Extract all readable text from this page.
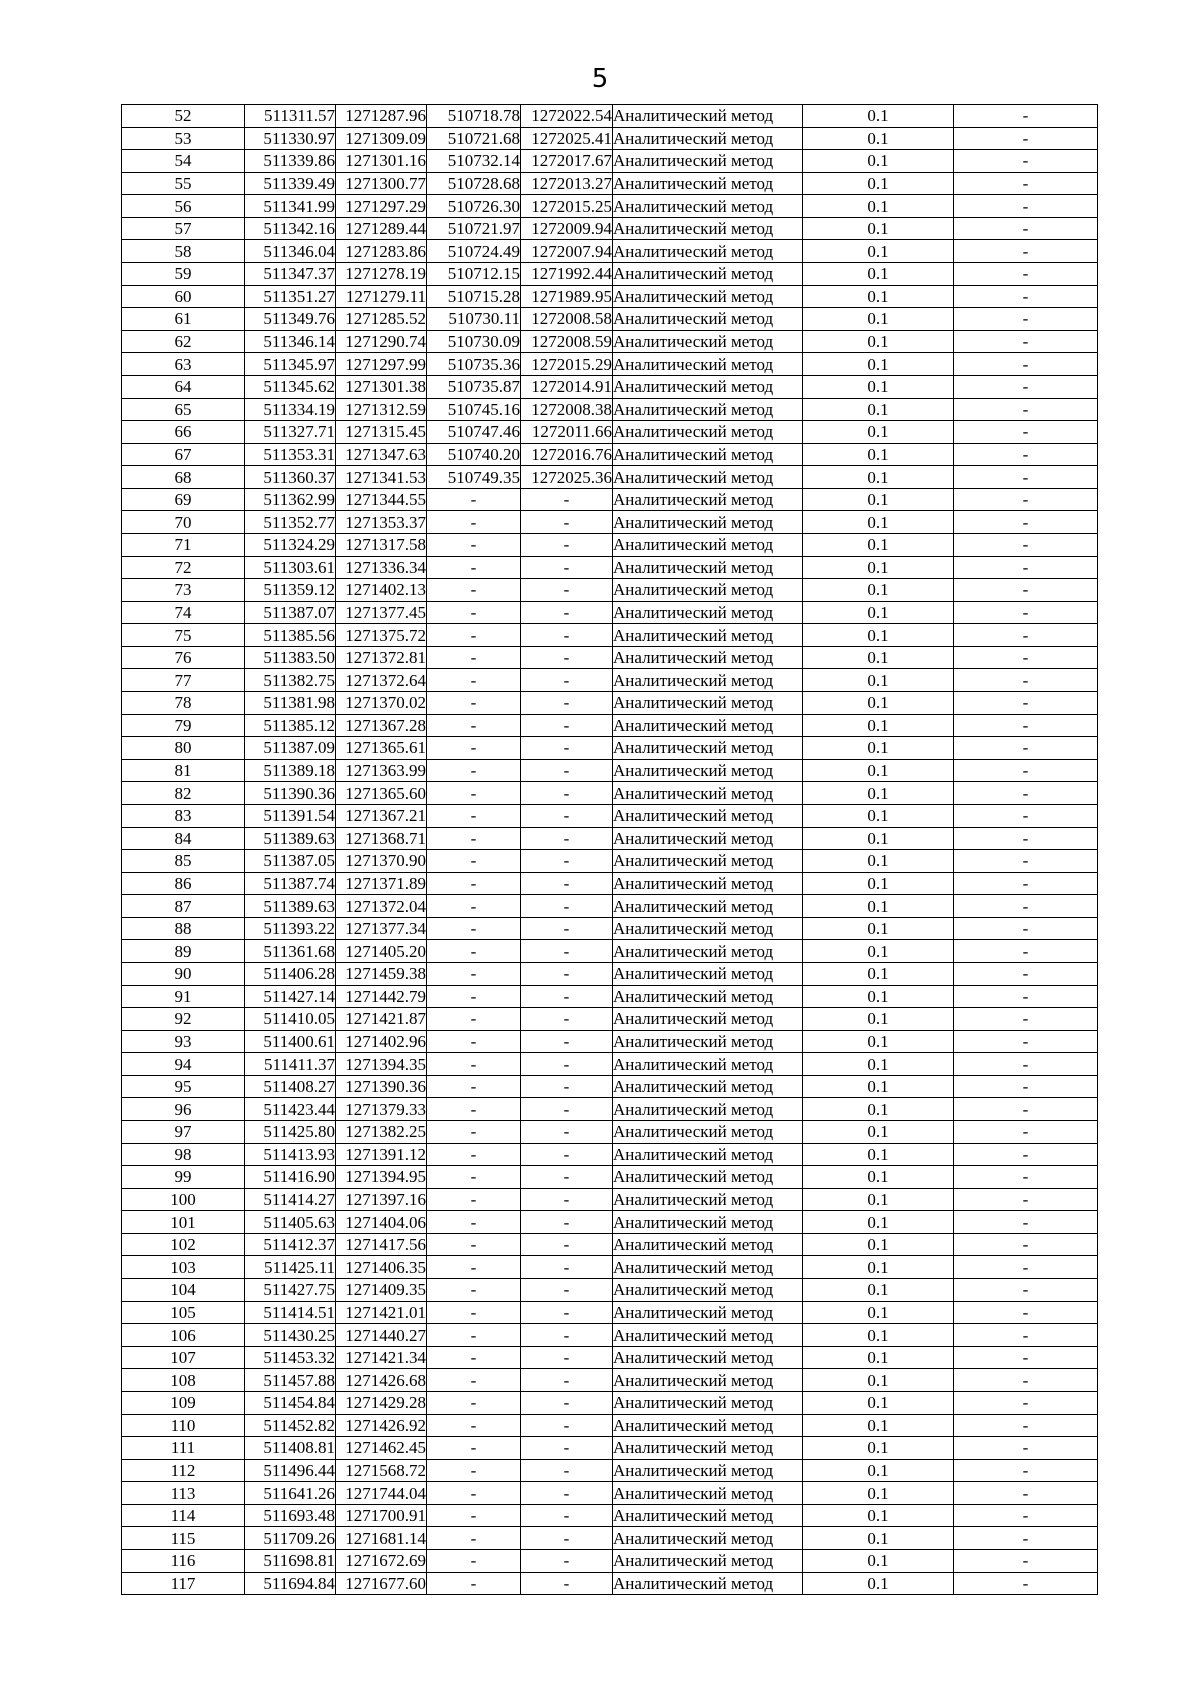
5
52	511311.57	1271287.96	510718.78	1272022.54	Аналитический метод	0.1	-
53	511330.97	1271309.09	510721.68	1272025.41	Аналитический метод	0.1	-
54	511339.86	1271301.16	510732.14	1272017.67	Аналитический метод	0.1	-
55	511339.49	1271300.77	510728.68	1272013.27	Аналитический метод	0.1	-
56	511341.99	1271297.29	510726.30	1272015.25	Аналитический метод	0.1	-
57	511342.16	1271289.44	510721.97	1272009.94	Аналитический метод	0.1	-
58	511346.04	1271283.86	510724.49	1272007.94	Аналитический метод	0.1	-
59	511347.37	1271278.19	510712.15	1271992.44	Аналитический метод	0.1	-
60	511351.27	1271279.11	510715.28	1271989.95	Аналитический метод	0.1	-
61	511349.76	1271285.52	510730.11	1272008.58	Аналитический метод	0.1	-
62	511346.14	1271290.74	510730.09	1272008.59	Аналитический метод	0.1	-
63	511345.97	1271297.99	510735.36	1272015.29	Аналитический метод	0.1	-
64	511345.62	1271301.38	510735.87	1272014.91	Аналитический метод	0.1	-
65	511334.19	1271312.59	510745.16	1272008.38	Аналитический метод	0.1	-
66	511327.71	1271315.45	510747.46	1272011.66	Аналитический метод	0.1	-
67	511353.31	1271347.63	510740.20	1272016.76	Аналитический метод	0.1	-
68	511360.37	1271341.53	510749.35	1272025.36	Аналитический метод	0.1	-
69	511362.99	1271344.55	-	-	Аналитический метод	0.1	-
70	511352.77	1271353.37	-	-	Аналитический метод	0.1	-
71	511324.29	1271317.58	-	-	Аналитический метод	0.1	-
72	511303.61	1271336.34	-	-	Аналитический метод	0.1	-
73	511359.12	1271402.13	-	-	Аналитический метод	0.1	-
74	511387.07	1271377.45	-	-	Аналитический метод	0.1	-
75	511385.56	1271375.72	-	-	Аналитический метод	0.1	-
76	511383.50	1271372.81	-	-	Аналитический метод	0.1	-
77	511382.75	1271372.64	-	-	Аналитический метод	0.1	-
78	511381.98	1271370.02	-	-	Аналитический метод	0.1	-
79	511385.12	1271367.28	-	-	Аналитический метод	0.1	-
80	511387.09	1271365.61	-	-	Аналитический метод	0.1	-
81	511389.18	1271363.99	-	-	Аналитический метод	0.1	-
82	511390.36	1271365.60	-	-	Аналитический метод	0.1	-
83	511391.54	1271367.21	-	-	Аналитический метод	0.1	-
84	511389.63	1271368.71	-	-	Аналитический метод	0.1	-
85	511387.05	1271370.90	-	-	Аналитический метод	0.1	-
86	511387.74	1271371.89	-	-	Аналитический метод	0.1	-
87	511389.63	1271372.04	-	-	Аналитический метод	0.1	-
88	511393.22	1271377.34	-	-	Аналитический метод	0.1	-
89	511361.68	1271405.20	-	-	Аналитический метод	0.1	-
90	511406.28	1271459.38	-	-	Аналитический метод	0.1	-
91	511427.14	1271442.79	-	-	Аналитический метод	0.1	-
92	511410.05	1271421.87	-	-	Аналитический метод	0.1	-
93	511400.61	1271402.96	-	-	Аналитический метод	0.1	-
94	511411.37	1271394.35	-	-	Аналитический метод	0.1	-
95	511408.27	1271390.36	-	-	Аналитический метод	0.1	-
96	511423.44	1271379.33	-	-	Аналитический метод	0.1	-
97	511425.80	1271382.25	-	-	Аналитический метод	0.1	-
98	511413.93	1271391.12	-	-	Аналитический метод	0.1	-
99	511416.90	1271394.95	-	-	Аналитический метод	0.1	-
100	511414.27	1271397.16	-	-	Аналитический метод	0.1	-
101	511405.63	1271404.06	-	-	Аналитический метод	0.1	-
102	511412.37	1271417.56	-	-	Аналитический метод	0.1	-
103	511425.11	1271406.35	-	-	Аналитический метод	0.1	-
104	511427.75	1271409.35	-	-	Аналитический метод	0.1	-
105	511414.51	1271421.01	-	-	Аналитический метод	0.1	-
106	511430.25	1271440.27	-	-	Аналитический метод	0.1	-
107	511453.32	1271421.34	-	-	Аналитический метод	0.1	-
108	511457.88	1271426.68	-	-	Аналитический метод	0.1	-
109	511454.84	1271429.28	-	-	Аналитический метод	0.1	-
110	511452.82	1271426.92	-	-	Аналитический метод	0.1	-
111	511408.81	1271462.45	-	-	Аналитический метод	0.1	-
112	511496.44	1271568.72	-	-	Аналитический метод	0.1	-
113	511641.26	1271744.04	-	-	Аналитический метод	0.1	-
114	511693.48	1271700.91	-	-	Аналитический метод	0.1	-
115	511709.26	1271681.14	-	-	Аналитический метод	0.1	-
116	511698.81	1271672.69	-	-	Аналитический метод	0.1	-
117	511694.84	1271677.60	-	-	Аналитический метод	0.1	-
